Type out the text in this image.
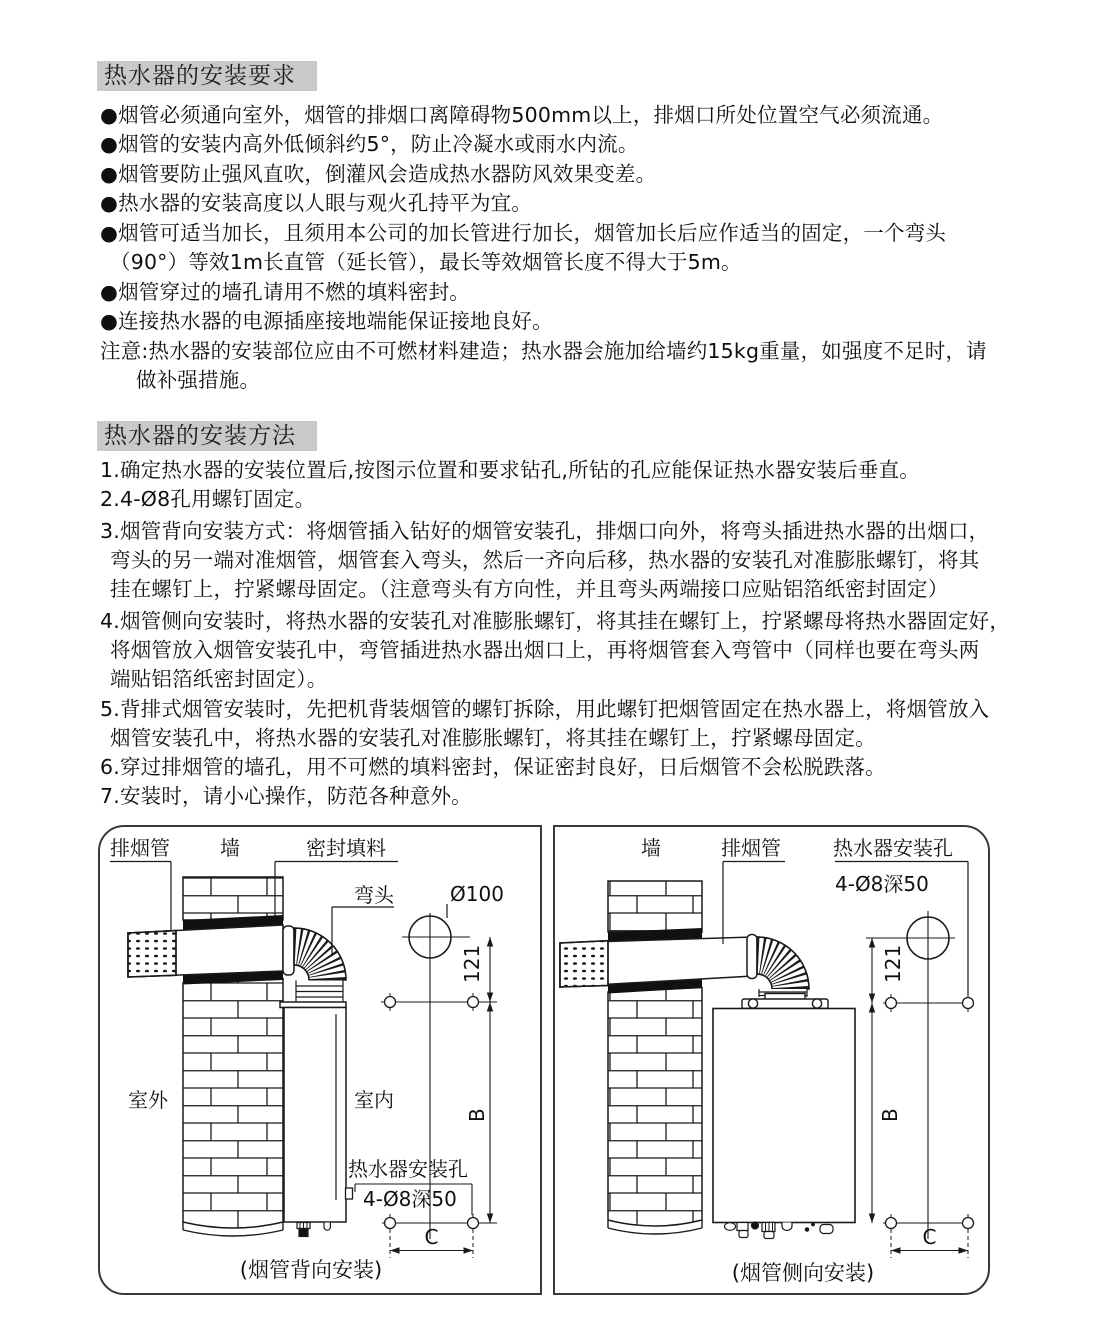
热水器的安装要求
●烟管必须通向室外，烟管的排烟口离障碍物500mm以上，排烟口所处位置空气必须流通。
●烟管的安装内高外低倾斜约5°，防止冷凝水或雨水内流。
●烟管要防止强风直吹，倒灌风会造成热水器防风效果变差。
●热水器的安装高度以人眼与观火孔持平为宜。
●烟管可适当加长，且须用本公司的加长管进行加长，烟管加长后应作适当的固定，一个弯头
（90°）等效1m长直管（延长管），最长等效烟管长度不得大于5m。
●烟管穿过的墙孔请用不燃的填料密封。
●连接热水器的电源插座接地端能保证接地良好。
注意:热水器的安装部位应由不可燃材料建造；热水器会施加给墙约15kg重量，如强度不足时，请
做补强措施。
热水器的安装方法
1.确定热水器的安装位置后,按图示位置和要求钻孔,所钻的孔应能保证热水器安装后垂直。
2.4-Ø8孔用螺钉固定。
3.烟管背向安装方式：将烟管插入钻好的烟管安装孔，排烟口向外，将弯头插进热水器的出烟口，
弯头的另一端对准烟管，烟管套入弯头，然后一齐向后移，热水器的安装孔对准膨胀螺钉，将其
挂在螺钉上，拧紧螺母固定。（注意弯头有方向性，并且弯头两端接口应贴铝箔纸密封固定）
4.烟管侧向安装时，将热水器的安装孔对准膨胀螺钉，将其挂在螺钉上，拧紧螺母将热水器固定好，
将烟管放入烟管安装孔中，弯管插进热水器出烟口上，再将烟管套入弯管中（同样也要在弯头两
端贴铝箔纸密封固定）。
5.背排式烟管安装时，先把机背装烟管的螺钉拆除，用此螺钉把烟管固定在热水器上，将烟管放入
烟管安装孔中，将热水器的安装孔对准膨胀螺钉，将其挂在螺钉上，拧紧螺母固定。
6.穿过排烟管的墙孔，用不可燃的填料密封，保证密封良好，日后烟管不会松脱跌落。
7.安装时，请小心操作，防范各种意外。
排烟管	墙	密封填料
弯头
室外	室内
Ø100
121
B
C
热水器安装孔
4-Ø8深50
(烟管背向安装)
墙	排烟管	热水器安装孔
4-Ø8深50
121
B
C
(烟管侧向安装)
